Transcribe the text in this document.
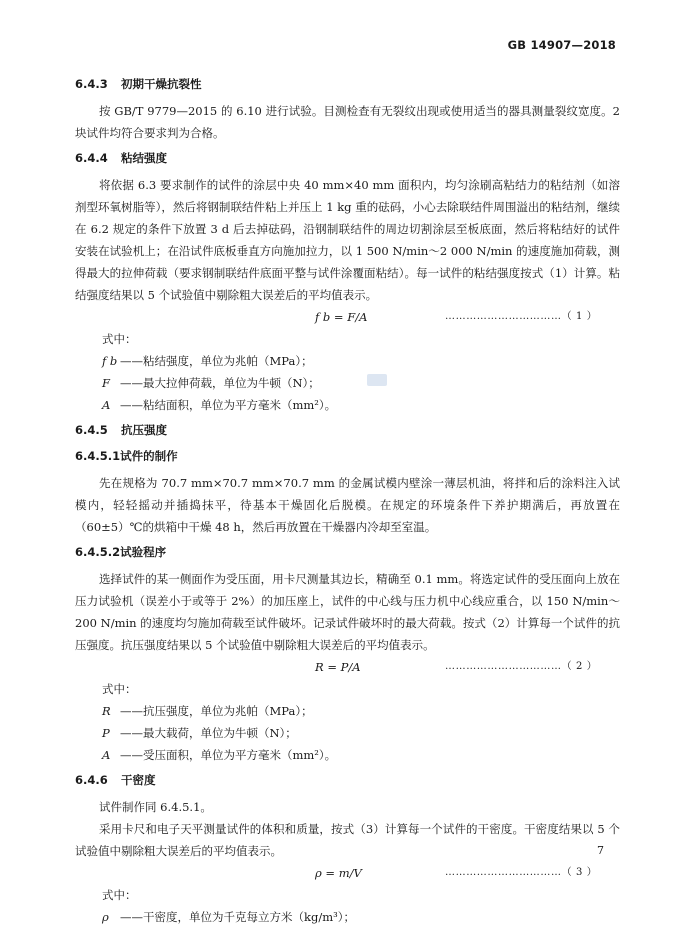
GB 14907—2018

6.4.3 初期干燥抗裂性

按 GB/T 9779—2015 的 6.10 进行试验。目测检查有无裂纹出现或使用适当的器具测量裂纹宽度。2 块试件均符合要求判为合格。

6.4.4 粘结强度

将依据 6.3 要求制作的试件的涂层中央 40 mm×40 mm 面积内，均匀涂刷高粘结力的粘结剂（如溶剂型环氧树脂等），然后将钢制联结件粘上并压上 1 kg 重的砝码，小心去除联结件周围溢出的粘结剂，继续在 6.2 规定的条件下放置 3 d 后去掉砝码，沿钢制联结件的周边切割涂层至板底面，然后将粘结好的试件安装在试验机上；在沿试件底板垂直方向施加拉力，以 1 500 N/min～2 000 N/min 的速度施加荷载，测得最大的拉伸荷载（要求钢制联结件底面平整与试件涂覆面粘结）。每一试件的粘结强度按式（1）计算。粘结强度结果以 5 个试验值中剔除粗大误差后的平均值表示。

f b = F/A	……………………………（ 1 ）

式中：

f b ——粘结强度，单位为兆帕（MPa）；

F ——最大拉伸荷载，单位为牛顿（N）；

A ——粘结面积，单位为平方毫米（mm²）。

6.4.5 抗压强度

6.4.5.1试件的制作

先在规格为 70.7 mm×70.7 mm×70.7 mm 的金属试模内壁涂一薄层机油，将拌和后的涂料注入试模内，轻轻摇动并插捣抹平，待基本干燥固化后脱模。在规定的环境条件下养护期满后，再放置在（60±5）℃的烘箱中干燥 48 h，然后再放置在干燥器内冷却至室温。

6.4.5.2试验程序

选择试件的某一侧面作为受压面，用卡尺测量其边长，精确至 0.1 mm。将选定试件的受压面向上放在压力试验机（误差小于或等于 2%）的加压座上，试件的中心线与压力机中心线应重合，以 150 N/min～200 N/min 的速度均匀施加荷载至试件破坏。记录试件破坏时的最大荷载。按式（2）计算每一个试件的抗压强度。抗压强度结果以 5 个试验值中剔除粗大误差后的平均值表示。

R = P/A	……………………………（ 2 ）

式中：

R ——抗压强度，单位为兆帕（MPa）；

P ——最大载荷，单位为牛顿（N）；

A ——受压面积，单位为平方毫米（mm²）。

6.4.6 干密度

试件制作同 6.4.5.1。

采用卡尺和电子天平测量试件的体积和质量，按式（3）计算每一个试件的干密度。干密度结果以 5 个试验值中剔除粗大误差后的平均值表示。

ρ = m/V	……………………………（ 3 ）

式中：

ρ ——干密度，单位为千克每立方米（kg/m³）；

7
